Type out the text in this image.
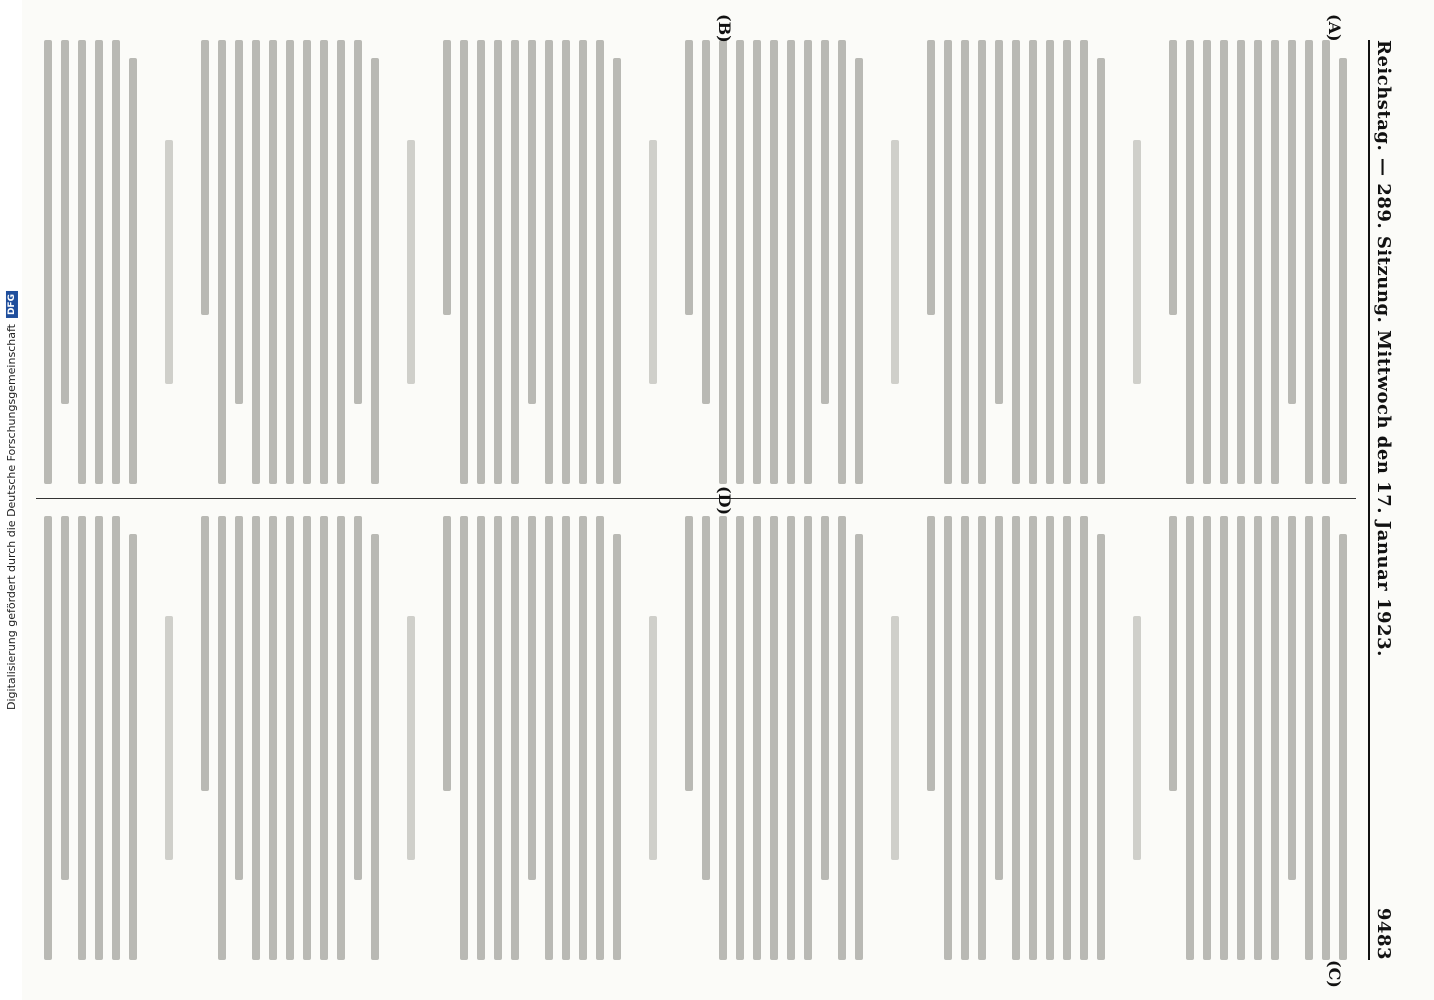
Reichstag. — 289. Sitzung. Mittwoch den 17. Januar 1923.
9483
(A)
(B)
(C)
(D)
Digitalisierung gefördert durch die Deutsche Forschungsgemeinschaft
DFG
